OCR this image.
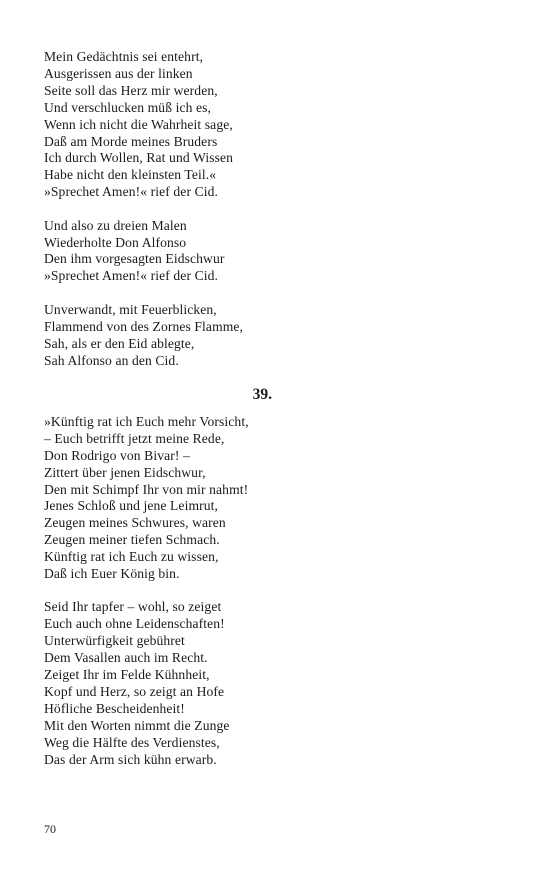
Mein Gedächtnis sei entehrt,
Ausgerissen aus der linken
Seite soll das Herz mir werden,
Und verschlucken müß ich es,
Wenn ich nicht die Wahrheit sage,
Daß am Morde meines Bruders
Ich durch Wollen, Rat und Wissen
Habe nicht den kleinsten Teil.«
»Sprechet Amen!« rief der Cid.
Und also zu dreien Malen
Wiederholte Don Alfonso
Den ihm vorgesagten Eidschwur
»Sprechet Amen!« rief der Cid.
Unverwandt, mit Feuerblicken,
Flammend von des Zornes Flamme,
Sah, als er den Eid ablegte,
Sah Alfonso an den Cid.
39.
»Künftig rat ich Euch mehr Vorsicht,
– Euch betrifft jetzt meine Rede,
Don Rodrigo von Bivar! –
Zittert über jenen Eidschwur,
Den mit Schimpf Ihr von mir nahmt!
Jenes Schloß und jene Leimrut,
Zeugen meines Schwures, waren
Zeugen meiner tiefen Schmach.
Künftig rat ich Euch zu wissen,
Daß ich Euer König bin.
Seid Ihr tapfer – wohl, so zeiget
Euch auch ohne Leidenschaften!
Unterwürfigkeit gebühret
Dem Vasallen auch im Recht.
Zeiget Ihr im Felde Kühnheit,
Kopf und Herz, so zeigt an Hofe
Höfliche Bescheidenheit!
Mit den Worten nimmt die Zunge
Weg die Hälfte des Verdienstes,
Das der Arm sich kühn erwarb.
70
